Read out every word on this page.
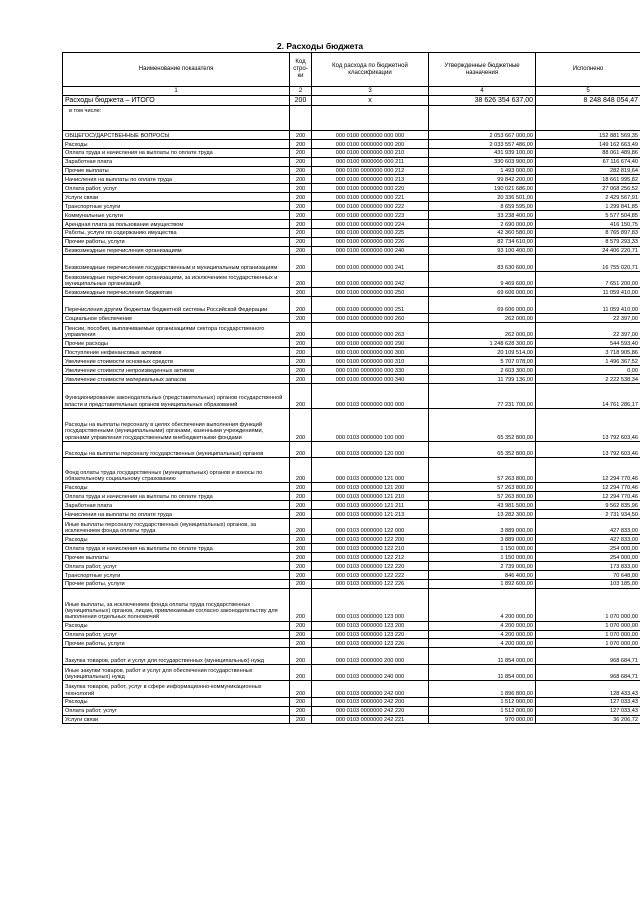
2. Расходы бюджета
Наименование показателя	Код стро-ки	Код расхода по бюджетной классификации	Утвержденные бюджетные назначения	Исполнено
1	2	3	4	5
Расходы бюджета – ИТОГО	200	x	38 626 354 637,00	8 248 848 054,47
в том числе:				
ОБЩЕГОСУДАРСТВЕННЫЕ ВОПРОСЫ	200	000 0100 0000000 000 000	2 053 667 000,00	152 881 569,35
Расходы	200	000 0100 0000000 000 200	2 033 557 486,00	149 162 663,49
Оплата труда и начисления на выплаты по оплате труда	200	000 0100 0000000 000 210	431 939 100,00	88 061 489,86
Заработная плата	200	000 0100 0000000 000 211	330 603 900,00	67 116 674,40
Прочие выплаты	200	000 0100 0000000 000 212	1 493 000,00	282 819,64
Начисления на выплаты по оплате труда	200	000 0100 0000000 000 213	99 842 200,00	18 661 995,82
Оплата работ, услуг	200	000 0100 0000000 000 220	190 021 686,00	27 068 256,52
Услуги связи	200	000 0100 0000000 000 221	20 336 501,00	2 429 567,91
Транспортные услуги	200	000 0100 0000000 000 222	8 659 595,00	1 299 841,85
Коммунальные услуги	200	000 0100 0000000 000 223	33 238 400,00	5 577 504,85
Арендная плата за пользование имуществом	200	000 0100 0000000 000 224	2 690 000,00	416 150,75
Работы, услуги по содержанию имущества	200	000 0100 0000000 000 225	42 360 580,00	8 765 897,83
Прочие работы, услуги	200	000 0100 0000000 000 226	82 734 610,00	8 579 293,33
Безвозмездные перечисления организациям	200	000 0100 0000000 000 240	93 100 400,00	24 406 220,71
Безвозмездные перечисления государственным и муниципальным организациям	200	000 0100 0000000 000 241	83 630 600,00	16 755 020,71
Безвозмездные перечисления организациям, за исключением государственных и муниципальных организаций	200	000 0100 0000000 000 242	9 469 600,00	7 651 200,00
Безвозмездные перечисления бюджетам	200	000 0100 0000000 000 250	69 606 000,00	11 059 410,00
Перечисления другим бюджетам бюджетной системы Российской Федерации	200	000 0100 0000000 000 251	69 606 000,00	11 059 410,00
Социальное обеспечение	200	000 0100 0000000 000 260	262 000,00	22 397,00
Пенсии, пособия, выплачиваемые организациями сектора государственного управления	200	000 0100 0000000 000 263	262 000,00	22 397,00
Прочие расходы	200	000 0100 0000000 000 290	1 248 628 300,00	544 593,40
Поступление нефинансовых активов	200	000 0100 0000000 000 300	20 109 514,00	3 718 905,86
Увеличение стоимости основных средств	200	000 0100 0000000 000 310	5 707 078,00	1 496 367,52
Увеличение стоимости непроизведенных активов	200	000 0100 0000000 000 330	2 603 300,00	0,00
Увеличение стоимости материальных запасов	200	000 0100 0000000 000 340	11 799 136,00	2 222 538,34
Функционирование законодательных (представительных) органов государственной власти и представительных органов муниципальных образований	200	000 0103 0000000 000 000	77 231 700,00	14 761 286,17
Расходы на выплаты персоналу в целях обеспечения выполнения функций государственными (муниципальными) органами, казенными учреждениями, органами управления государственными внебюджетными фондами	200	000 0103 0000000 100 000	65 352 800,00	13 792 603,46
Расходы на выплаты персоналу государственных (муниципальных) органов	200	000 0103 0000000 120 000	65 352 800,00	13 792 603,46
Фонд оплаты труда государственных (муниципальных) органов и взносы по обязательному социальному страхованию	200	000 0103 0000000 121 000	57 263 800,00	12 294 770,46
Расходы	200	000 0103 0000000 121 200	57 263 800,00	12 294 770,46
Оплата труда и начисления на выплаты по оплате труда	200	000 0103 0000000 121 210	57 263 800,00	12 294 770,46
Заработная плата	200	000 0103 0000000 121 211	43 981 500,00	9 562 835,96
Начисления на выплаты по оплате труда	200	000 0103 0000000 121 213	13 282 300,00	2 731 934,50
Иные выплаты персоналу государственных (муниципальных) органов, за исключением фонда оплаты труда	200	000 0103 0000000 122 000	3 889 000,00	427 833,00
Расходы	200	000 0103 0000000 122 200	3 889 000,00	427 833,00
Оплата труда и начисления на выплаты по оплате труда	200	000 0103 0000000 122 210	1 150 000,00	254 000,00
Прочие выплаты	200	000 0103 0000000 122 212	1 150 000,00	254 000,00
Оплата работ, услуг	200	000 0103 0000000 122 220	2 739 000,00	173 833,00
Транспортные услуги	200	000 0103 0000000 122 222	846 400,00	70 648,00
Прочие работы, услуги	200	000 0103 0000000 122 226	1 892 600,00	103 185,00
Иные выплаты, за исключением фонда оплаты труда государственных (муниципальных) органов, лицам, привлекаемым согласно законодательству для выполнения отдельных полномочий	200	000 0103 0000000 123 000	4 200 000,00	1 070 000,00
Расходы	200	000 0103 0000000 123 200	4 200 000,00	1 070 000,00
Оплата работ, услуг	200	000 0103 0000000 123 220	4 200 000,00	1 070 000,00
Прочие работы, услуги	200	000 0103 0000000 123 226	4 200 000,00	1 070 000,00
Закупка товаров, работ и услуг для государственных (муниципальных) нужд	200	000 0103 0000000 200 000	11 854 000,00	968 684,71
Иные закупки товаров, работ и услуг для обеспечения государственных (муниципальных) нужд	200	000 0103 0000000 240 000	11 854 000,00	968 684,71
Закупка товаров, работ, услуг в сфере информационно-коммуникационных технологий	200	000 0103 0000000 242 000	1 896 800,00	128 433,43
Расходы	200	000 0103 0000000 242 200	1 512 000,00	127 033,43
Оплата работ, услуг	200	000 0103 0000000 242 220	1 512 000,00	127 033,43
Услуги связи	200	000 0103 0000000 242 221	970 000,00	36 206,72
